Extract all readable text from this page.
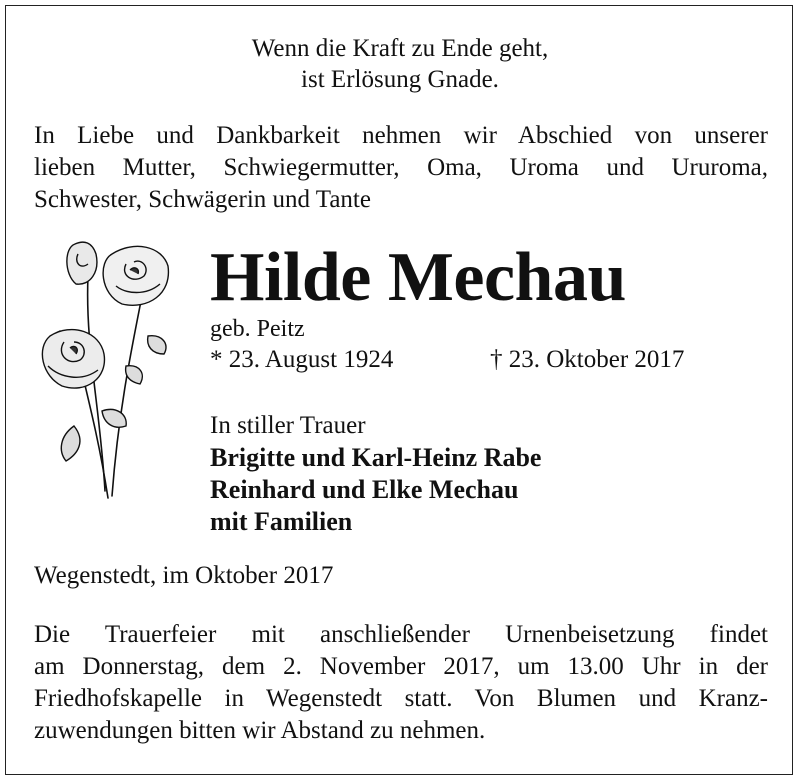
Wenn die Kraft zu Ende geht,

ist Erlösung Gnade.

In Liebe und Dankbarkeit nehmen wir Abschied von unserer
lieben Mutter, Schwiegermutter, Oma, Uroma und Ururoma,
Schwester, Schwägerin und Tante
Hilde Mechau

geb. Peitz

* 23. August 1924	† 23. Oktober 2017

In stiller Trauer

Brigitte und Karl-Heinz Rabe

Reinhard und Elke Mechau

mit Familien

Wegenstedt, im Oktober 2017

Die Trauerfeier mit anschließender Urnenbeisetzung findet
am Donnerstag, dem 2. November 2017, um 13.00 Uhr in der
Friedhofskapelle in Wegenstedt statt. Von Blumen und Kranz-
zuwendungen bitten wir Abstand zu nehmen.
